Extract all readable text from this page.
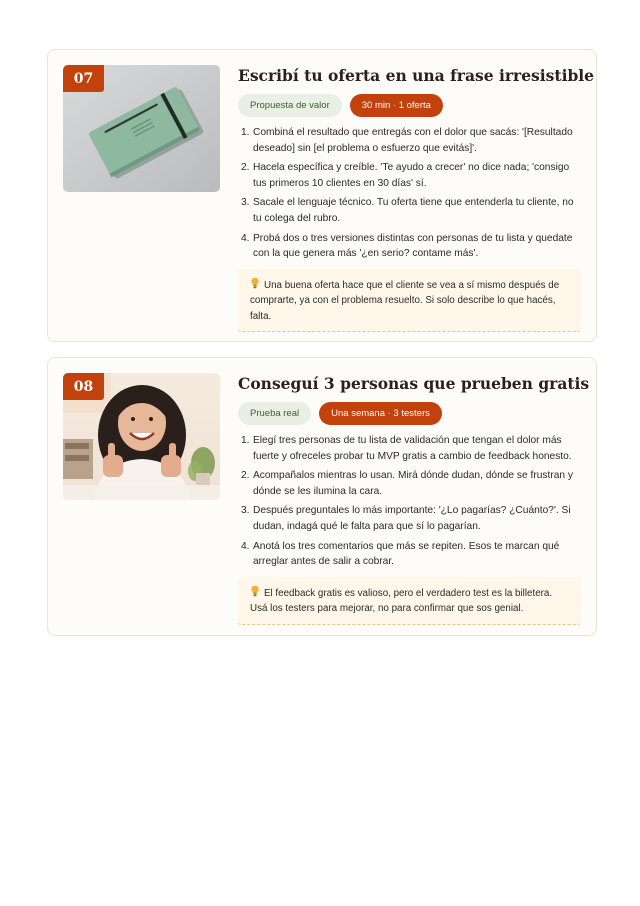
07	Escribí tu oferta en una frase irresistible
Propuesta de valor	30 min · 1 oferta
1. Combiná el resultado que entregás con el dolor que sacás: '[Resultado deseado] sin [el problema o esfuerzo que evitás]'.
2. Hacela específica y creíble. 'Te ayudo a crecer' no dice nada; 'consigo tus primeros 10 clientes en 30 días' sí.
3. Sacale el lenguaje técnico. Tu oferta tiene que entenderla tu cliente, no tu colega del rubro.
4. Probá dos o tres versiones distintas con personas de tu lista y quedate con la que genera más '¿en serio? contame más'.
Una buena oferta hace que el cliente se vea a sí mismo después de comprarte, ya con el problema resuelto. Si solo describe lo que hacés, falta.
08	Conseguí 3 personas que prueben gratis
Prueba real	Una semana · 3 testers
1. Elegí tres personas de tu lista de validación que tengan el dolor más fuerte y ofreceles probar tu MVP gratis a cambio de feedback honesto.
2. Acompañalos mientras lo usan. Mirá dónde dudan, dónde se frustran y dónde se les ilumina la cara.
3. Después preguntales lo más importante: '¿Lo pagarías? ¿Cuánto?'. Si dudan, indagá qué le falta para que sí lo pagarían.
4. Anotá los tres comentarios que más se repiten. Esos te marcan qué arreglar antes de salir a cobrar.
El feedback gratis es valioso, pero el verdadero test es la billetera. Usá los testers para mejorar, no para confirmar que sos genial.
